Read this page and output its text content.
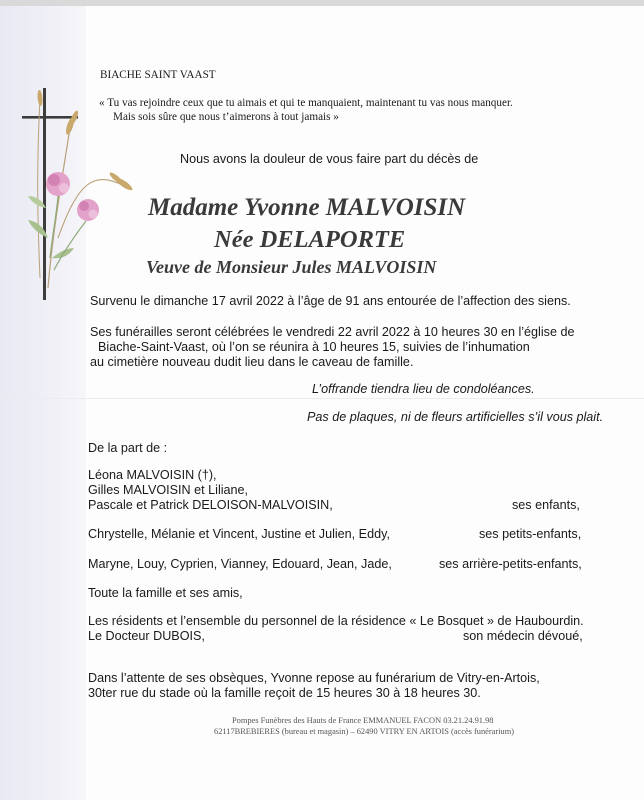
BIACHE SAINT VAAST
« Tu vas rejoindre ceux que tu aimais et qui te manquaient, maintenant tu vas nous manquer.
Mais sois sûre que nous t’aimerons à tout jamais »
Nous avons la douleur de vous faire part du décès de
Madame Yvonne MALVOISIN
Née DELAPORTE
Veuve de Monsieur Jules MALVOISIN
Survenu le dimanche 17 avril 2022 à l’âge de 91 ans entourée de l’affection des siens.
Ses funérailles seront célébrées le vendredi 22 avril 2022 à 10 heures 30 en l’église de
Biache-Saint-Vaast, où l’on se réunira à 10 heures 15, suivies de l’inhumation
au cimetière nouveau dudit lieu dans le caveau de famille.
L’offrande tiendra lieu de condoléances.
Pas de plaques, ni de fleurs artificielles s’il vous plait.
De la part de :
Léona MALVOISIN (†),
Gilles MALVOISIN et Liliane,
Pascale et Patrick DELOISON-MALVOISIN,	ses enfants,
Chrystelle, Mélanie et Vincent, Justine et Julien, Eddy,	ses petits-enfants,
Maryne, Louy, Cyprien, Vianney, Edouard, Jean, Jade,	ses arrière-petits-enfants,
Toute la famille et ses amis,
Les résidents et l’ensemble du personnel de la résidence « Le Bosquet » de Haubourdin.
Le Docteur DUBOIS,	son médecin dévoué,
Dans l’attente de ses obsèques, Yvonne repose au funérarium de Vitry-en-Artois,
30ter rue du stade où la famille reçoit de 15 heures 30 à 18 heures 30.
Pompes Funèbres des Hauts de France EMMANUEL FACON 03.21.24.91.98
62117BREBIERES (bureau et magasin) – 62490 VITRY EN ARTOIS (accès funérarium)
